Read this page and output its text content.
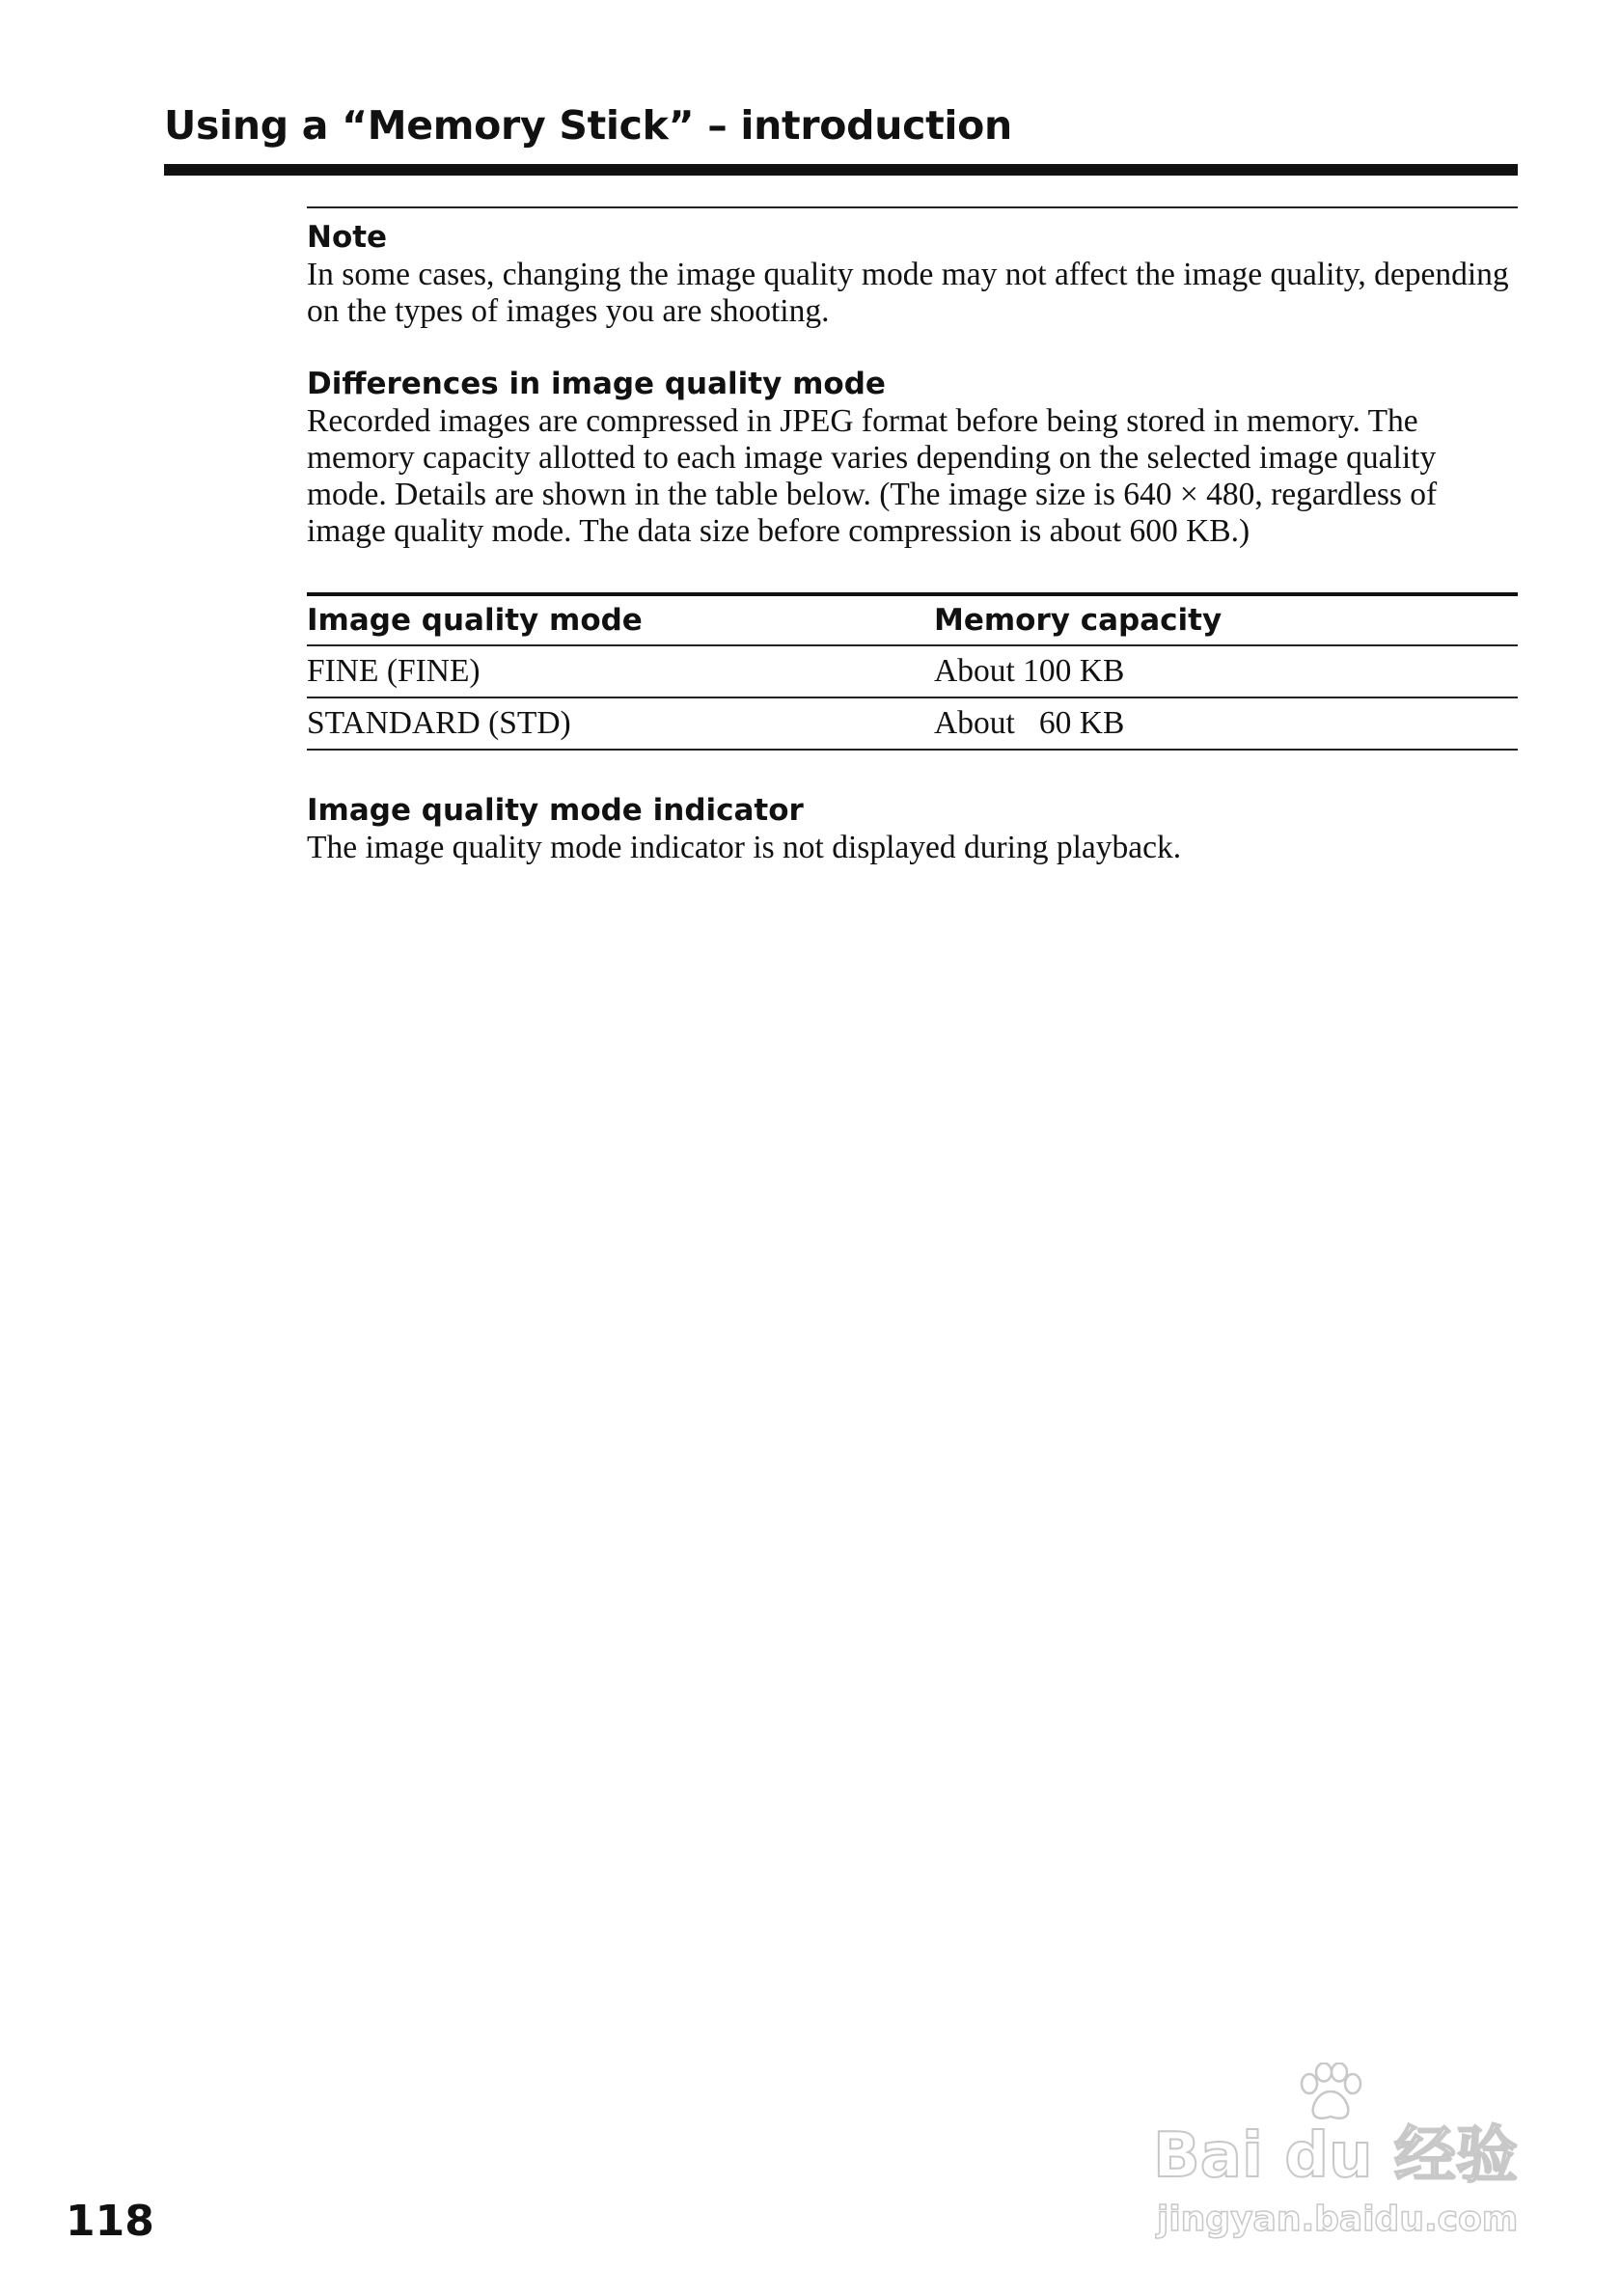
Using a “Memory Stick” – introduction
Note

In some cases, changing the image quality mode may not affect the image quality, depending on the types of images you are shooting.

Differences in image quality mode

Recorded images are compressed in JPEG format before being stored in memory. The memory capacity allotted to each image varies depending on the selected image quality mode. Details are shown in the table below. (The image size is 640 × 480, regardless of image quality mode. The data size before compression is about 600 KB.)

Image quality mode	Memory capacity
FINE (FINE)	About 100 KB
STANDARD (STD)	About   60 KB
Image quality mode indicator

The image quality mode indicator is not displayed during playback.

118
Bai du 经验
jingyan.baidu.com
